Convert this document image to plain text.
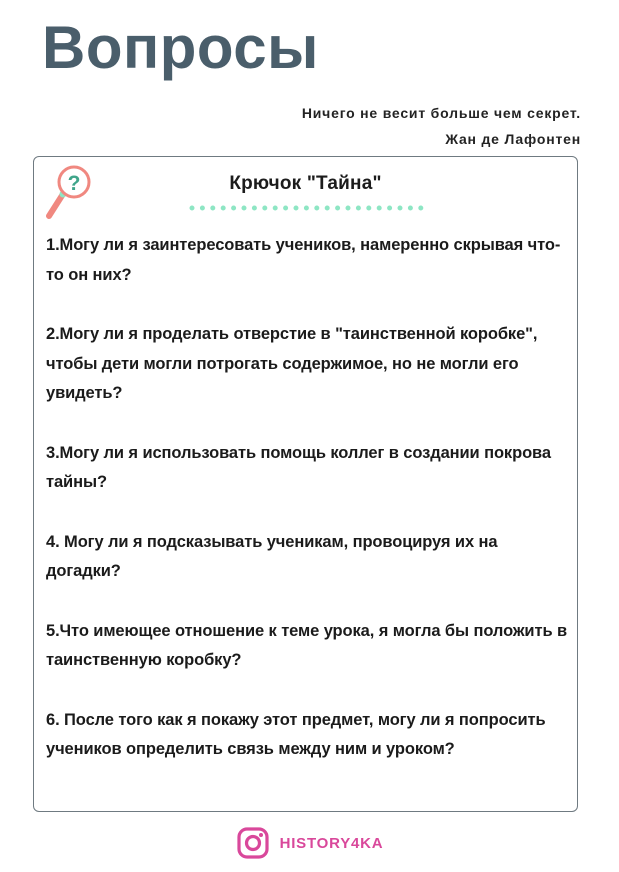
Вопросы
Ничего не весит больше чем секрет.
Жан де Лафонтен
?	Крючок "Тайна"
1.Могу ли я заинтересовать учеников, намеренно скрывая что-то он них?
2.Могу ли я проделать отверстие в "таинственной коробке", чтобы дети могли потрогать содержимое, но не могли его увидеть?
3.Могу ли я использовать помощь коллег в создании покрова тайны?
4. Могу ли я подсказывать ученикам, провоцируя их на догадки?
5.Что имеющее отношение к теме урока, я могла бы положить в таинственную коробку?
6. После того как я покажу этот предмет, могу ли я попросить учеников определить связь между ним и уроком?
HISTORY4KA
